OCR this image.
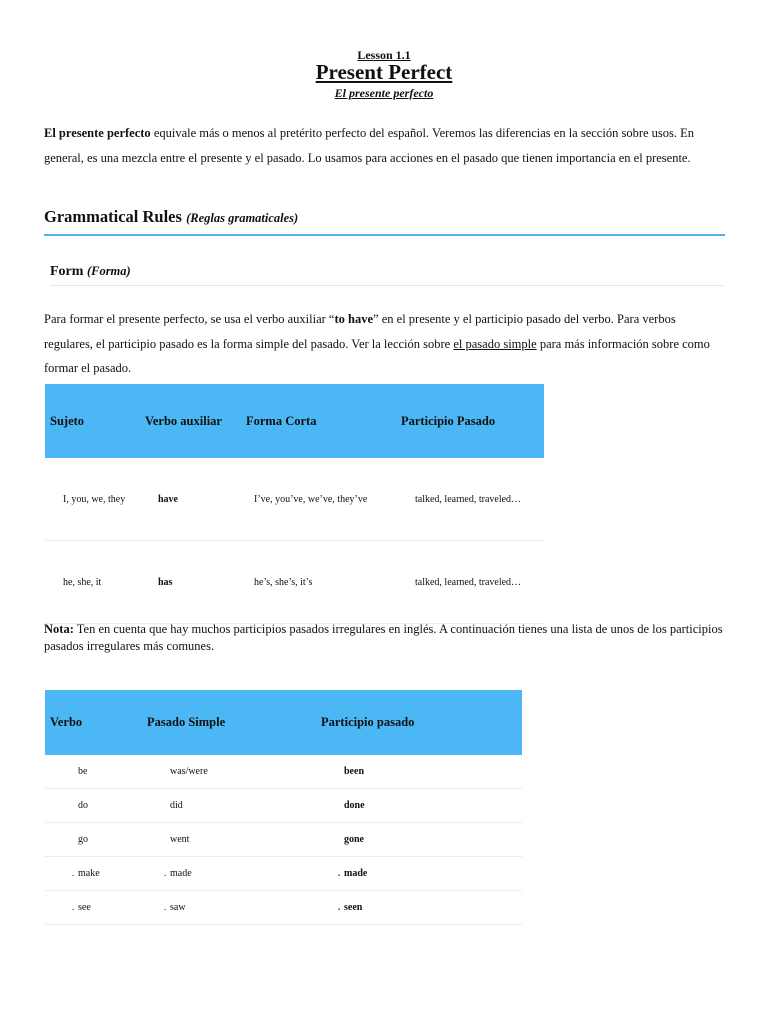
Lesson 1.1
Present Perfect
El presente perfecto
El presente perfecto equivale más o menos al pretérito perfecto del español. Veremos las diferencias en la sección sobre usos. En general, es una mezcla entre el presente y el pasado. Lo usamos para acciones en el pasado que tienen importancia en el presente.
Grammatical Rules (Reglas gramaticales)
Form (Forma)
Para formar el presente perfecto, se usa el verbo auxiliar “to have” en el presente y el participio pasado del verbo. Para verbos regulares, el participio pasado es la forma simple del pasado. Ver la lección sobre el pasado simple para más información sobre como formar el pasado.
Sujeto	Verbo auxiliar	Forma Corta	Participio Pasado
I, you, we, they	have	I’ve, you’ve, we’ve, they’ve	talked, learned, traveled…
he, she, it	has	he’s, she’s, it’s	talked, learned, traveled…
Nota: Ten en cuenta que hay muchos participios pasados irregulares en inglés. A continuación tienes una lista de unos de los participios pasados irregulares más comunes.
Verbo	Pasado Simple	Participio pasado
be	was/were	been
do	did	done
go	went	gone
. make	. made	. made
. see	. saw	. seen
